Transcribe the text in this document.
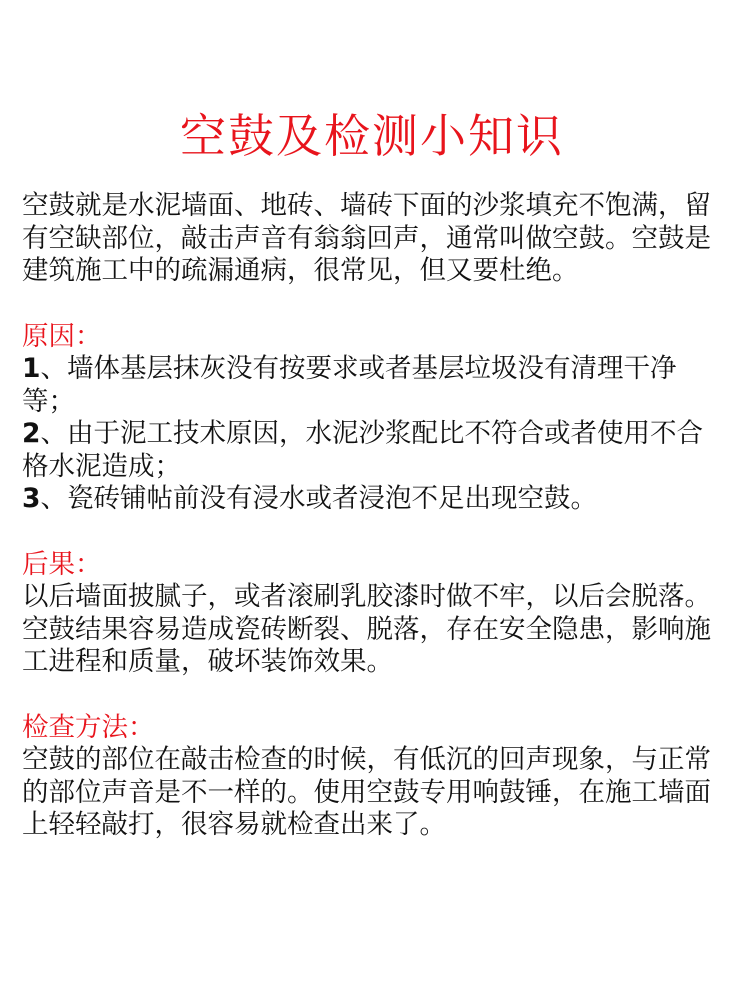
空鼓及检测小知识

空鼓就是水泥墙面、地砖、墙砖下面的沙浆填充不饱满，留有空缺部位，敲击声音有翁翁回声，通常叫做空鼓。空鼓是建筑施工中的疏漏通病，很常见，但又要杜绝。

原因：

1、墙体基层抹灰没有按要求或者基层垃圾没有清理干净等；

2、由于泥工技术原因，水泥沙浆配比不符合或者使用不合格水泥造成；

3、瓷砖铺帖前没有浸水或者浸泡不足出现空鼓。

后果：

以后墙面披腻子，或者滚刷乳胶漆时做不牢，以后会脱落。空鼓结果容易造成瓷砖断裂、脱落，存在安全隐患，影响施工进程和质量，破坏装饰效果。

检查方法：

空鼓的部位在敲击检查的时候，有低沉的回声现象，与正常的部位声音是不一样的。使用空鼓专用响鼓锤，在施工墙面上轻轻敲打，很容易就检查出来了。
